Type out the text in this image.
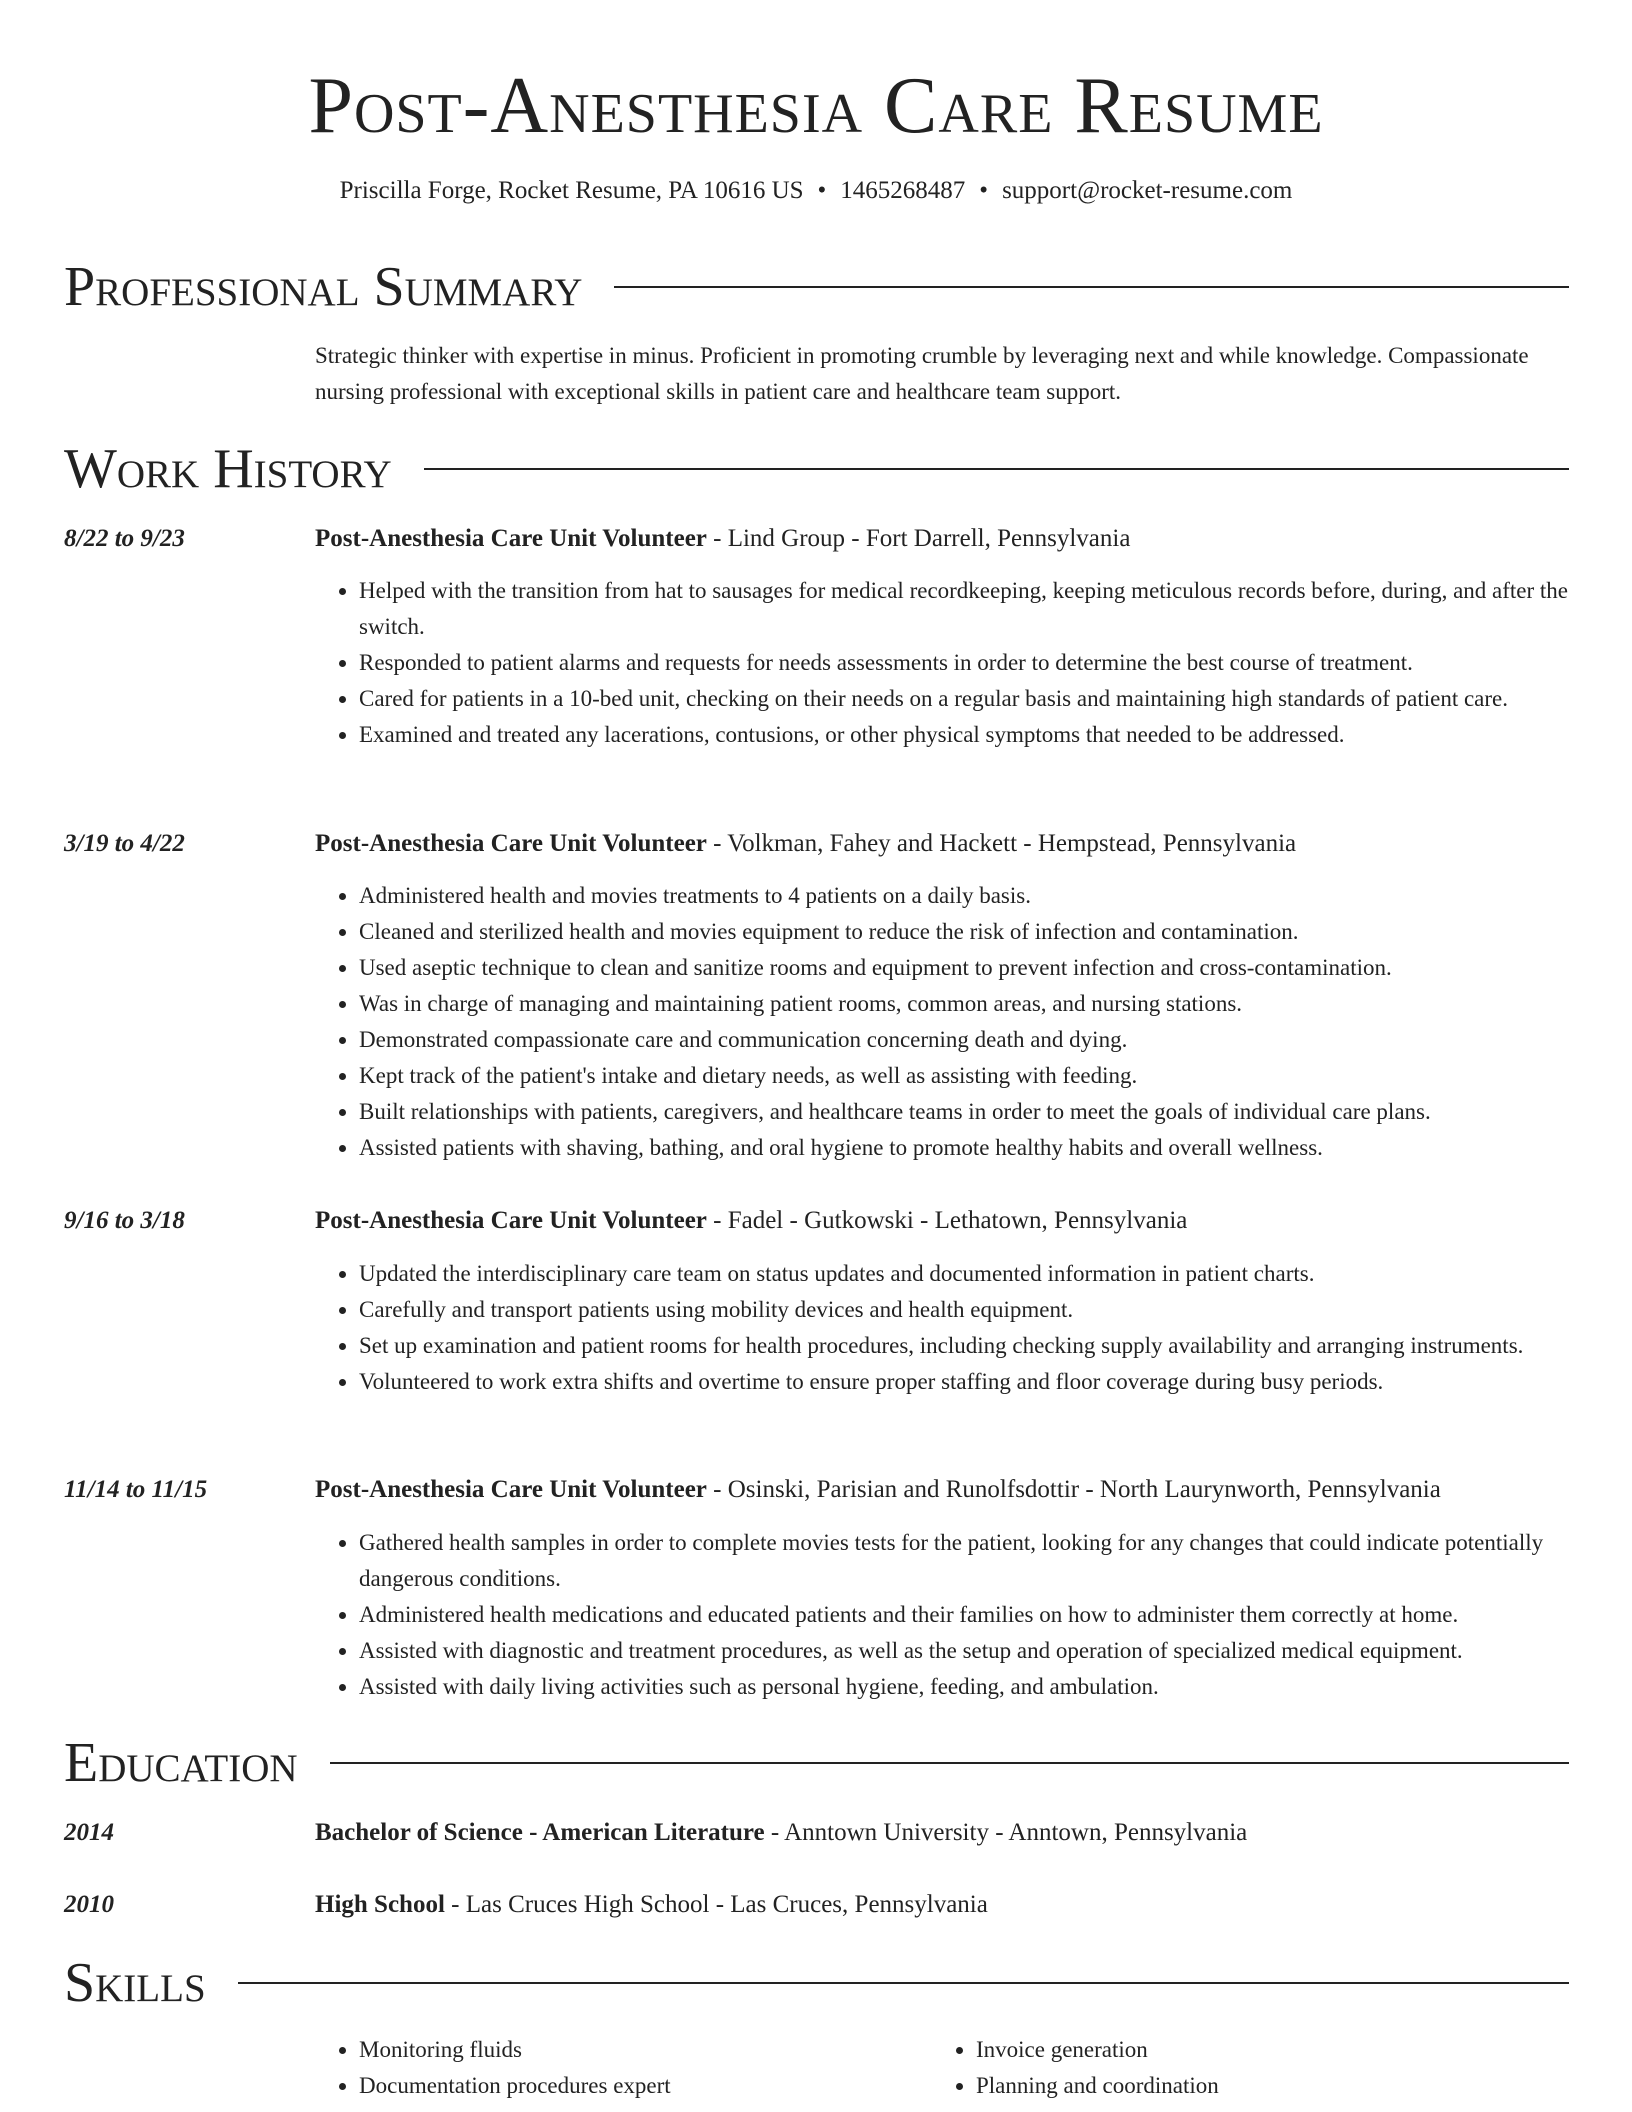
Post-Anesthesia Care Resume
Priscilla Forge, Rocket Resume, PA 10616 US • 1465268487 • support@rocket-resume.com
Professional Summary
Strategic thinker with expertise in minus. Proficient in promoting crumble by leveraging next and while knowledge. Compassionate nursing professional with exceptional skills in patient care and healthcare team support.
Work History
8/22 to 9/23	Post-Anesthesia Care Unit Volunteer - Lind Group - Fort Darrell, Pennsylvania
• Helped with the transition from hat to sausages for medical recordkeeping, keeping meticulous records before, during, and after the switch.
• Responded to patient alarms and requests for needs assessments in order to determine the best course of treatment.
• Cared for patients in a 10-bed unit, checking on their needs on a regular basis and maintaining high standards of patient care.
• Examined and treated any lacerations, contusions, or other physical symptoms that needed to be addressed.
3/19 to 4/22	Post-Anesthesia Care Unit Volunteer - Volkman, Fahey and Hackett - Hempstead, Pennsylvania
• Administered health and movies treatments to 4 patients on a daily basis.
• Cleaned and sterilized health and movies equipment to reduce the risk of infection and contamination.
• Used aseptic technique to clean and sanitize rooms and equipment to prevent infection and cross-contamination.
• Was in charge of managing and maintaining patient rooms, common areas, and nursing stations.
• Demonstrated compassionate care and communication concerning death and dying.
• Kept track of the patient's intake and dietary needs, as well as assisting with feeding.
• Built relationships with patients, caregivers, and healthcare teams in order to meet the goals of individual care plans.
• Assisted patients with shaving, bathing, and oral hygiene to promote healthy habits and overall wellness.
9/16 to 3/18	Post-Anesthesia Care Unit Volunteer - Fadel - Gutkowski - Lethatown, Pennsylvania
• Updated the interdisciplinary care team on status updates and documented information in patient charts.
• Carefully and transport patients using mobility devices and health equipment.
• Set up examination and patient rooms for health procedures, including checking supply availability and arranging instruments.
• Volunteered to work extra shifts and overtime to ensure proper staffing and floor coverage during busy periods.
11/14 to 11/15	Post-Anesthesia Care Unit Volunteer - Osinski, Parisian and Runolfsdottir - North Laurynworth, Pennsylvania
• Gathered health samples in order to complete movies tests for the patient, looking for any changes that could indicate potentially dangerous conditions.
• Administered health medications and educated patients and their families on how to administer them correctly at home.
• Assisted with diagnostic and treatment procedures, as well as the setup and operation of specialized medical equipment.
• Assisted with daily living activities such as personal hygiene, feeding, and ambulation.
Education
2014	Bachelor of Science - American Literature - Anntown University - Anntown, Pennsylvania
2010	High School - Las Cruces High School - Las Cruces, Pennsylvania
Skills
• Monitoring fluids
• Documentation procedures expert
• Invoice generation
• Planning and coordination
